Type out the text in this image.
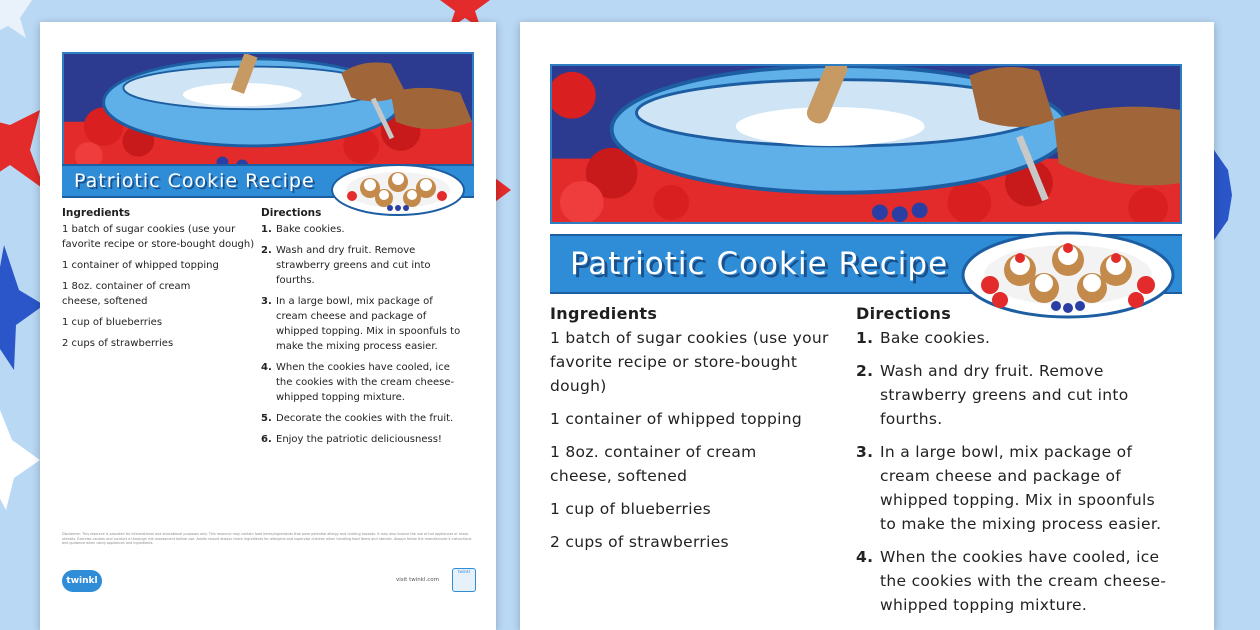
Patriotic Cookie Recipe
Ingredients
1 batch of sugar cookies (use your favorite recipe or store-bought dough)
1 container of whipped topping
1 8oz. container of cream cheese, softened
1 cup of blueberries
2 cups of strawberries
Directions
1. Bake cookies.
2. Wash and dry fruit. Remove strawberry greens and cut into fourths.
3. In a large bowl, mix package of cream cheese and package of whipped topping. Mix in spoonfuls to make the mixing process easier.
4. When the cookies have cooled, ice the cookies with the cream cheese-whipped topping mixture.
5. Decorate the cookies with the fruit.
6. Enjoy the patriotic deliciousness!
Disclaimer: This resource is provided for informational and educational purposes only. This resource may contain food items/ingredients that pose potential allergy and choking hazards. It may also involve the use of hot appliances or sharp utensils. Exercise caution and conduct a thorough risk assessment before use. Adults should always check ingredients for allergens and supervise children when handling food items and utensils. Always follow the manufacturer's instructions and guidance when using appliances and ingredients.
twinkl	visit twinkl.com
twinkl
Patriotic Cookie Recipe
Ingredients
1 batch of sugar cookies (use your favorite recipe or store-bought dough)
1 container of whipped topping
1 8oz. container of cream cheese, softened
1 cup of blueberries
2 cups of strawberries
Directions
1. Bake cookies.
2. Wash and dry fruit. Remove strawberry greens and cut into fourths.
3. In a large bowl, mix package of cream cheese and package of whipped topping. Mix in spoonfuls to make the mixing process easier.
4. When the cookies have cooled, ice the cookies with the cream cheese-whipped topping mixture.
